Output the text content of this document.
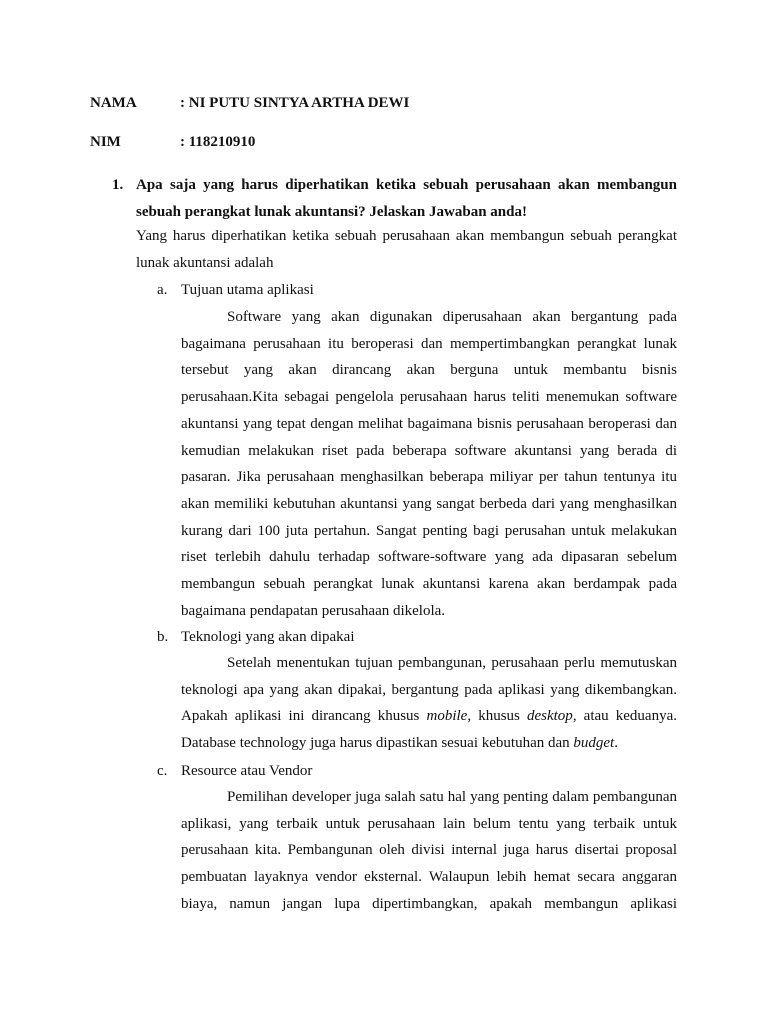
NAMA	: NI PUTU SINTYA ARTHA DEWI
NIM	: 118210910
1. Apa saja yang harus diperhatikan ketika sebuah perusahaan akan membangun sebuah perangkat lunak akuntansi? Jelaskan Jawaban anda!
Yang harus diperhatikan ketika sebuah perusahaan akan membangun sebuah perangkat lunak akuntansi adalah
a. Tujuan utama aplikasi
Software yang akan digunakan diperusahaan akan bergantung pada bagaimana perusahaan itu beroperasi dan mempertimbangkan perangkat lunak tersebut yang akan dirancang akan berguna untuk membantu bisnis perusahaan.Kita sebagai pengelola perusahaan harus teliti menemukan software akuntansi yang tepat dengan melihat bagaimana bisnis perusahaan beroperasi dan kemudian melakukan riset pada beberapa software akuntansi yang berada di pasaran. Jika perusahaan menghasilkan beberapa miliyar per tahun tentunya itu akan memiliki kebutuhan akuntansi yang sangat berbeda dari yang menghasilkan kurang dari 100 juta pertahun. Sangat penting bagi perusahan untuk melakukan riset terlebih dahulu terhadap software-software yang ada dipasaran sebelum membangun sebuah perangkat lunak akuntansi karena akan berdampak pada bagaimana pendapatan perusahaan dikelola.
b. Teknologi yang akan dipakai
Setelah menentukan tujuan pembangunan, perusahaan perlu memutuskan teknologi apa yang akan dipakai, bergantung pada aplikasi yang dikembangkan. Apakah aplikasi ini dirancang khusus mobile, khusus desktop, atau keduanya. Database technology juga harus dipastikan sesuai kebutuhan dan budget.
c. Resource atau Vendor
Pemilihan developer juga salah satu hal yang penting dalam pembangunan aplikasi, yang terbaik untuk perusahaan lain belum tentu yang terbaik untuk perusahaan kita. Pembangunan oleh divisi internal juga harus disertai proposal pembuatan layaknya vendor eksternal. Walaupun lebih hemat secara anggaran biaya, namun jangan lupa dipertimbangkan, apakah membangun aplikasi
